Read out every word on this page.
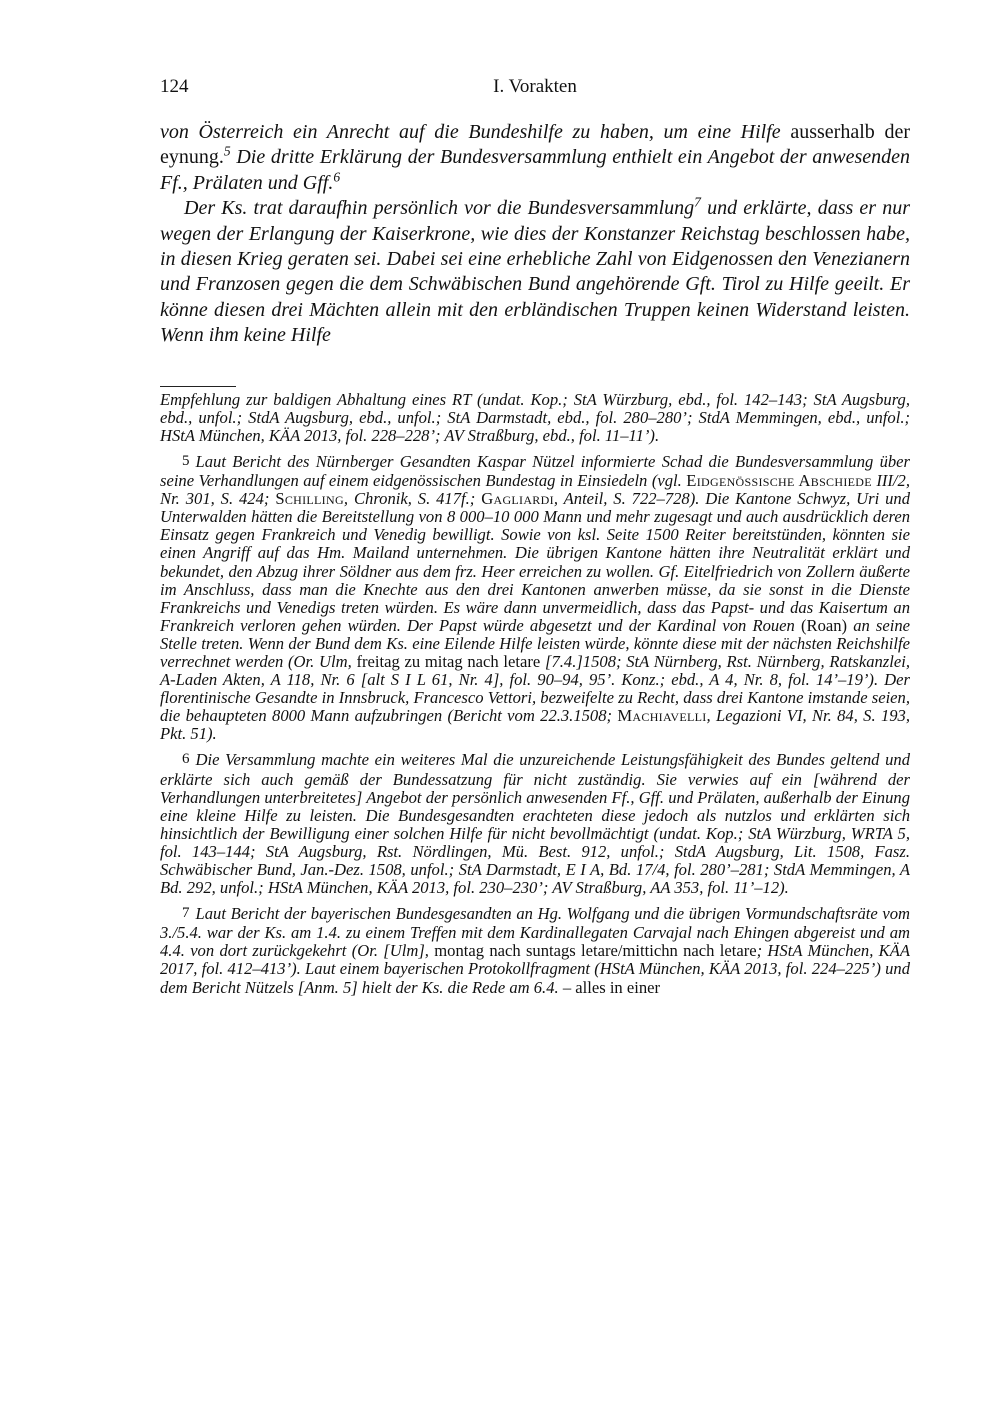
124	I. Vorakten

von Österreich ein Anrecht auf die Bundeshilfe zu haben, um eine Hilfe ausserhalb der eynung.$^5$ Die dritte Erklärung der Bundesversammlung enthielt ein Angebot der anwesenden Ff., Prälaten und Gff.$^6$

Der Ks. trat daraufhin persönlich vor die Bundesversammlung$^7$ und erklärte, dass er nur wegen der Erlangung der Kaiserkrone, wie dies der Konstanzer Reichstag beschlossen habe, in diesen Krieg geraten sei. Dabei sei eine erhebliche Zahl von Eidgenossen den Venezianern und Franzosen gegen die dem Schwäbischen Bund angehörende Gft. Tirol zu Hilfe geeilt. Er könne diesen drei Mächten allein mit den erbländischen Truppen keinen Widerstand leisten. Wenn ihm keine Hilfe

Empfehlung zur baldigen Abhaltung eines RT (undat. Kop.; StA Würzburg, ebd., fol. 142–143; StA Augsburg, ebd., unfol.; StdA Augsburg, ebd., unfol.; StA Darmstadt, ebd., fol. 280–280’; StdA Memmingen, ebd., unfol.; HStA München, KÄA 2013, fol. 228–228’; AV Straßburg, ebd., fol. 11–11’).

5 Laut Bericht des Nürnberger Gesandten Kaspar Nützel informierte Schad die Bundesversammlung über seine Verhandlungen auf einem eidgenössischen Bundestag in Einsiedeln (vgl. Eidgenössische Abschiede III/2, Nr. 301, S. 424; Schilling, Chronik, S. 417f.; Gagliardi, Anteil, S. 722–728). Die Kantone Schwyz, Uri und Unterwalden hätten die Bereitstellung von 8 000–10 000 Mann und mehr zugesagt und auch ausdrücklich deren Einsatz gegen Frankreich und Venedig bewilligt. Sowie von ksl. Seite 1500 Reiter bereitstünden, könnten sie einen Angriff auf das Hm. Mailand unternehmen. Die übrigen Kantone hätten ihre Neutralität erklärt und bekundet, den Abzug ihrer Söldner aus dem frz. Heer erreichen zu wollen. Gf. Eitelfriedrich von Zollern äußerte im Anschluss, dass man die Knechte aus den drei Kantonen anwerben müsse, da sie sonst in die Dienste Frankreichs und Venedigs treten würden. Es wäre dann unvermeidlich, dass das Papst- und das Kaisertum an Frankreich verloren gehen würden. Der Papst würde abgesetzt und der Kardinal von Rouen (Roan) an seine Stelle treten. Wenn der Bund dem Ks. eine Eilende Hilfe leisten würde, könnte diese mit der nächsten Reichshilfe verrechnet werden (Or. Ulm, freitag zu mitag nach letare [7.4.]1508; StA Nürnberg, Rst. Nürnberg, Ratskanzlei, A-Laden Akten, A 118, Nr. 6 [alt S I L 61, Nr. 4], fol. 90–94, 95’. Konz.; ebd., A 4, Nr. 8, fol. 14’–19’). Der florentinische Gesandte in Innsbruck, Francesco Vettori, bezweifelte zu Recht, dass drei Kantone imstande seien, die behaupteten 8000 Mann aufzubringen (Bericht vom 22.3.1508; Machiavelli, Legazioni VI, Nr. 84, S. 193, Pkt. 51).

6 Die Versammlung machte ein weiteres Mal die unzureichende Leistungsfähigkeit des Bundes geltend und erklärte sich auch gemäß der Bundessatzung für nicht zuständig. Sie verwies auf ein [während der Verhandlungen unterbreitetes] Angebot der persönlich anwesenden Ff., Gff. und Prälaten, außerhalb der Einung eine kleine Hilfe zu leisten. Die Bundesgesandten erachteten diese jedoch als nutzlos und erklärten sich hinsichtlich der Bewilligung einer solchen Hilfe für nicht bevollmächtigt (undat. Kop.; StA Würzburg, WRTA 5, fol. 143–144; StA Augsburg, Rst. Nördlingen, Mü. Best. 912, unfol.; StdA Augsburg, Lit. 1508, Fasz. Schwäbischer Bund, Jan.-Dez. 1508, unfol.; StA Darmstadt, E I A, Bd. 17/4, fol. 280’–281; StdA Memmingen, A Bd. 292, unfol.; HStA München, KÄA 2013, fol. 230–230’; AV Straßburg, AA 353, fol. 11’–12).

7 Laut Bericht der bayerischen Bundesgesandten an Hg. Wolfgang und die übrigen Vormundschaftsräte vom 3./5.4. war der Ks. am 1.4. zu einem Treffen mit dem Kardinallegaten Carvajal nach Ehingen abgereist und am 4.4. von dort zurückgekehrt (Or. [Ulm], montag nach suntags letare/mittichn nach letare; HStA München, KÄA 2017, fol. 412–413’). Laut einem bayerischen Protokollfragment (HStA München, KÄA 2013, fol. 224–225’) und dem Bericht Nützels [Anm. 5] hielt der Ks. die Rede am 6.4. – alles in einer
